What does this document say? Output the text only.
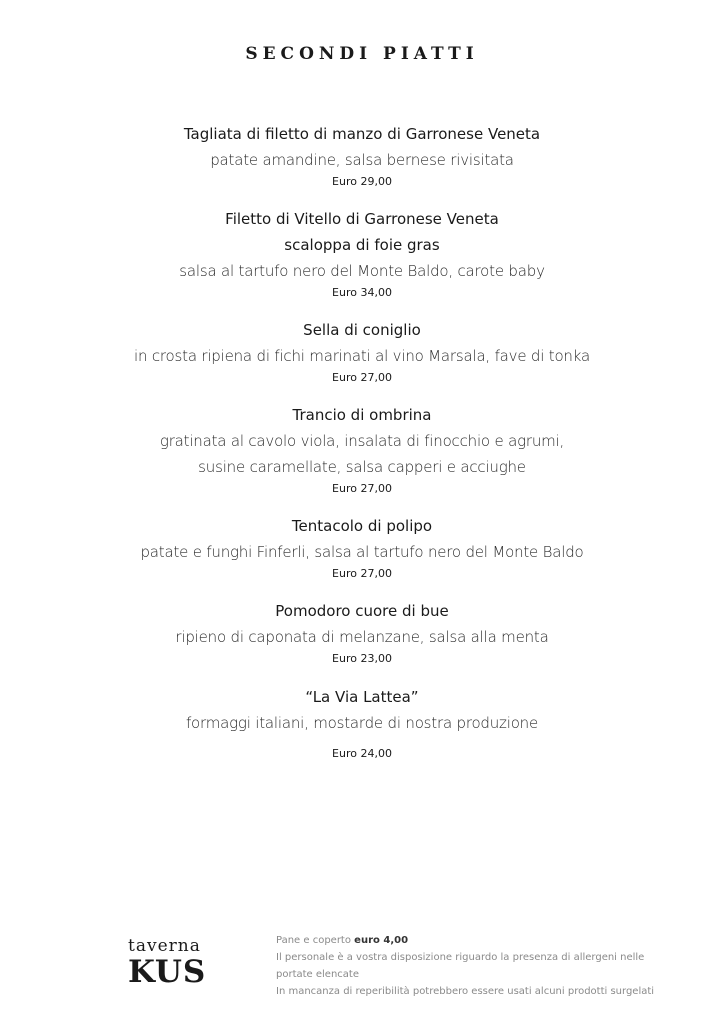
SECONDI PIATTI
Tagliata di filetto di manzo di Garronese Veneta
patate amandine, salsa bernese rivisitata
Euro 29,00
Filetto di Vitello di Garronese Veneta
scaloppa di foie gras
salsa al tartufo nero del Monte Baldo, carote baby
Euro 34,00
Sella di coniglio
in crosta ripiena di fichi marinati al vino Marsala, fave di tonka
Euro 27,00
Trancio di ombrina
gratinata al cavolo viola, insalata di finocchio e agrumi,
susine caramellate, salsa capperi e acciughe
Euro 27,00
Tentacolo di polipo
patate e funghi Finferli, salsa al tartufo nero del Monte Baldo
Euro 27,00
Pomodoro cuore di bue
ripieno di caponata di melanzane, salsa alla menta
Euro 23,00
“La Via Lattea”
formaggi italiani, mostarde di nostra produzione
Euro 24,00
taverna
KUS
Pane e coperto euro 4,00
Il personale è a vostra disposizione riguardo la presenza di allergeni nelle
portate elencate
In mancanza di reperibilità potrebbero essere usati alcuni prodotti surgelati
